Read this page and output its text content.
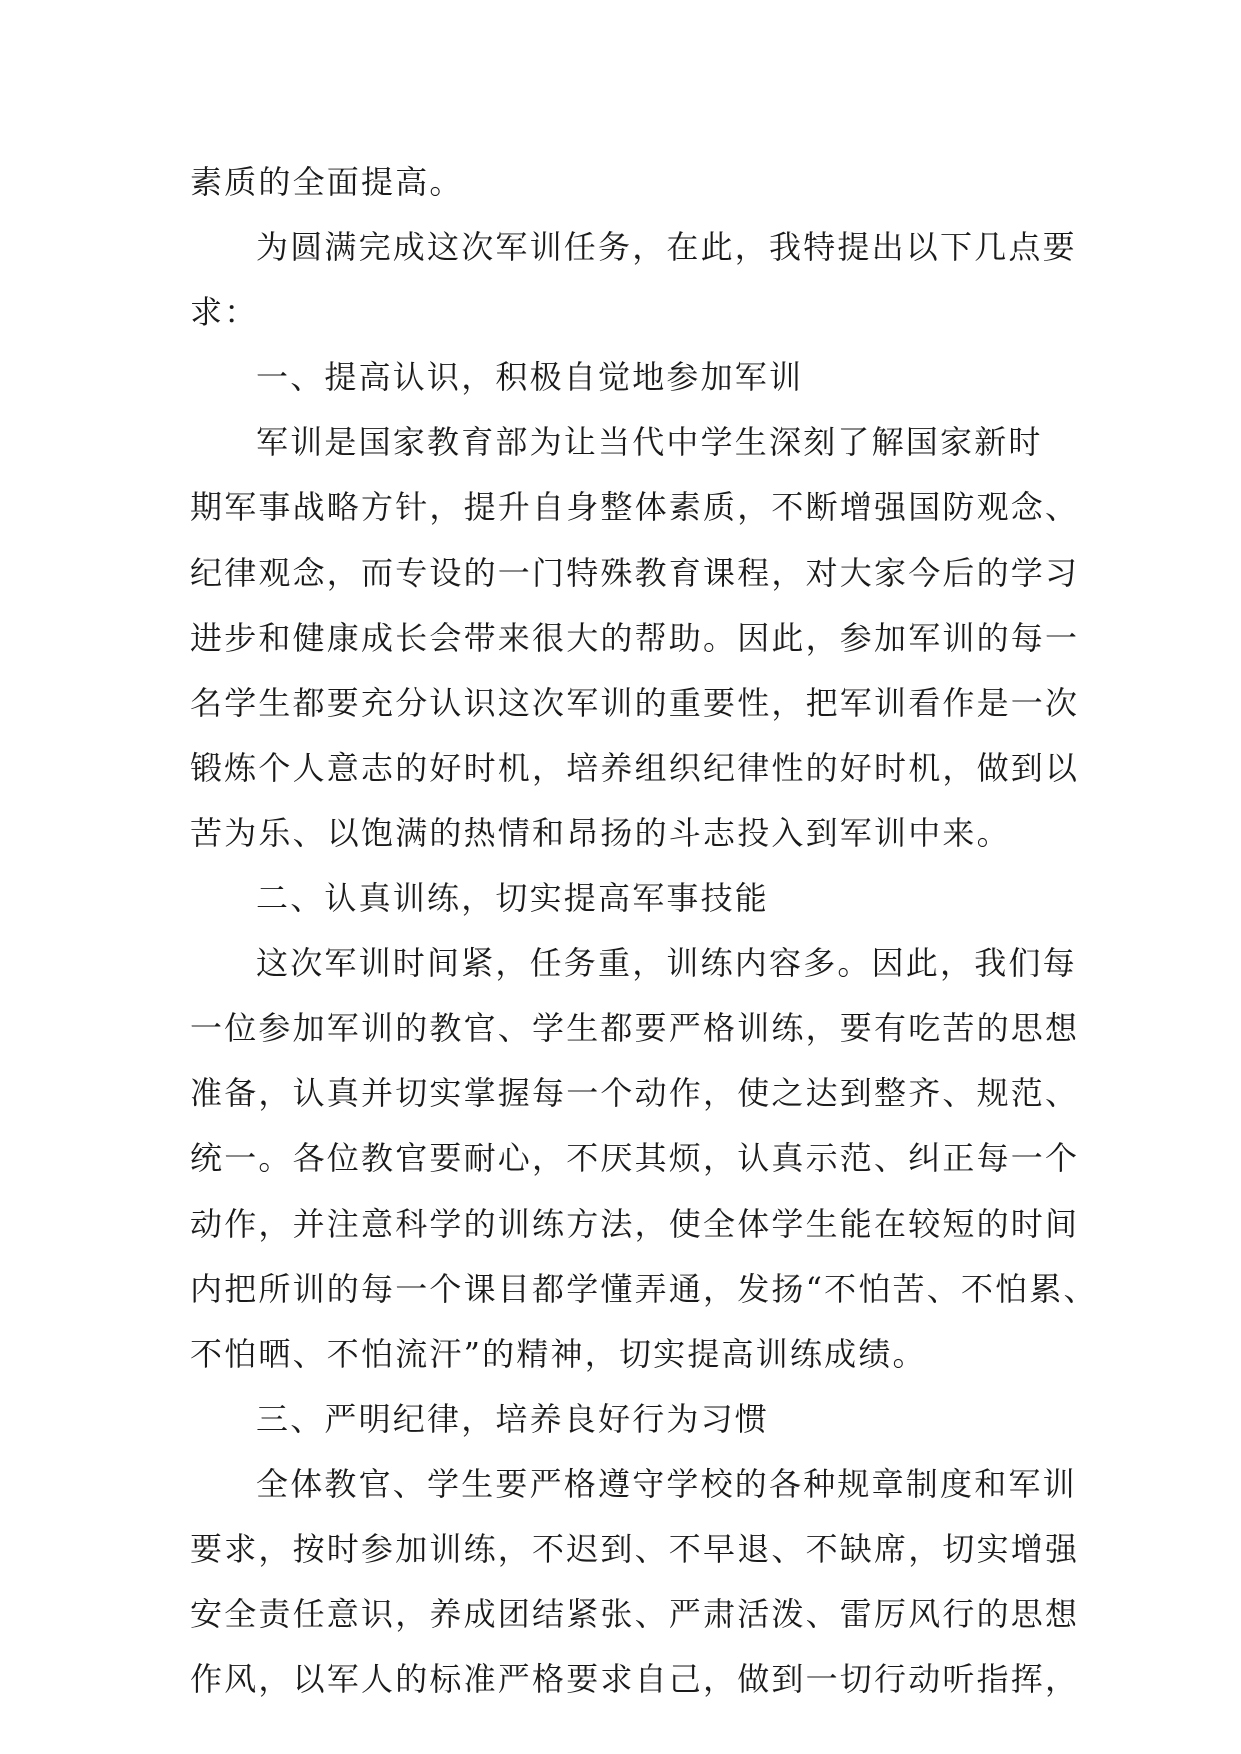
素质的全面提高。
为圆满完成这次军训任务，在此，我特提出以下几点要
求：
一、提高认识，积极自觉地参加军训
军训是国家教育部为让当代中学生深刻了解国家新时
期军事战略方针，提升自身整体素质，不断增强国防观念、
纪律观念，而专设的一门特殊教育课程，对大家今后的学习
进步和健康成长会带来很大的帮助。因此，参加军训的每一
名学生都要充分认识这次军训的重要性，把军训看作是一次
锻炼个人意志的好时机，培养组织纪律性的好时机，做到以
苦为乐、以饱满的热情和昂扬的斗志投入到军训中来。
二、认真训练，切实提高军事技能
这次军训时间紧，任务重，训练内容多。因此，我们每
一位参加军训的教官、学生都要严格训练，要有吃苦的思想
准备，认真并切实掌握每一个动作，使之达到整齐、规范、
统一。各位教官要耐心，不厌其烦，认真示范、纠正每一个
动作，并注意科学的训练方法，使全体学生能在较短的时间
内把所训的每一个课目都学懂弄通，发扬“不怕苦、不怕累、
不怕晒、不怕流汗”的精神，切实提高训练成绩。
三、严明纪律，培养良好行为习惯
全体教官、学生要严格遵守学校的各种规章制度和军训
要求，按时参加训练，不迟到、不早退、不缺席，切实增强
安全责任意识，养成团结紧张、严肃活泼、雷厉风行的思想
作风，以军人的标准严格要求自己，做到一切行动听指挥，
